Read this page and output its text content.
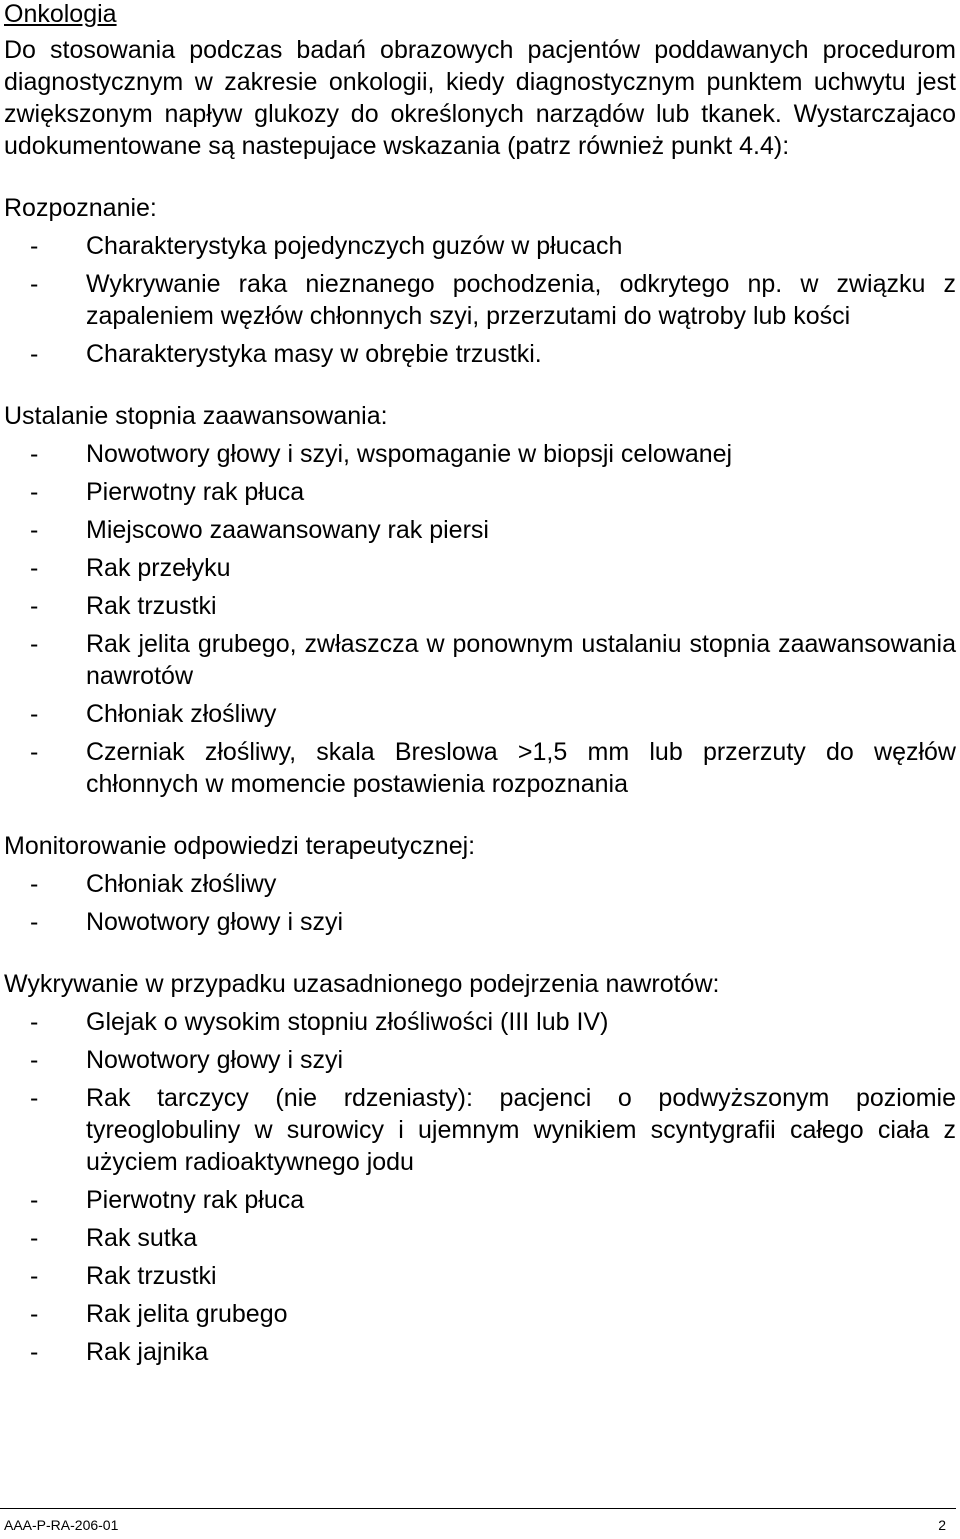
Onkologia

Do stosowania podczas badań obrazowych pacjentów poddawanych procedurom diagnostycznym w zakresie onkologii, kiedy diagnostycznym punktem uchwytu jest zwiększonym napływ glukozy do określonych narządów lub tkanek. Wystarczajaco udokumentowane są nastepujace wskazania (patrz również punkt 4.4):

Rozpoznanie:
- Charakterystyka pojedynczych guzów w płucach
- Wykrywanie raka nieznanego pochodzenia, odkrytego np. w związku z zapaleniem węzłów chłonnych szyi, przerzutami do wątroby lub kości
- Charakterystyka masy w obrębie trzustki.
Ustalanie stopnia zaawansowania:
- Nowotwory głowy i szyi, wspomaganie w biopsji celowanej
- Pierwotny rak płuca
- Miejscowo zaawansowany rak piersi
- Rak przełyku
- Rak trzustki
- Rak jelita grubego, zwłaszcza w ponownym ustalaniu stopnia zaawansowania nawrotów
- Chłoniak złośliwy
- Czerniak złośliwy, skala Breslowa >1,5 mm lub przerzuty do węzłów chłonnych w momencie postawienia rozpoznania
Monitorowanie odpowiedzi terapeutycznej:
- Chłoniak złośliwy
- Nowotwory głowy i szyi
Wykrywanie w przypadku uzasadnionego podejrzenia nawrotów:
- Glejak o wysokim stopniu złośliwości (III lub IV)
- Nowotwory głowy i szyi
- Rak tarczycy (nie rdzeniasty): pacjenci o podwyższonym poziomie tyreoglobuliny w surowicy i ujemnym wynikiem scyntygrafii całego ciała z użyciem radioaktywnego jodu
- Pierwotny rak płuca
- Rak sutka
- Rak trzustki
- Rak jelita grubego
- Rak jajnika
AAA-P-RA-206-01	2
